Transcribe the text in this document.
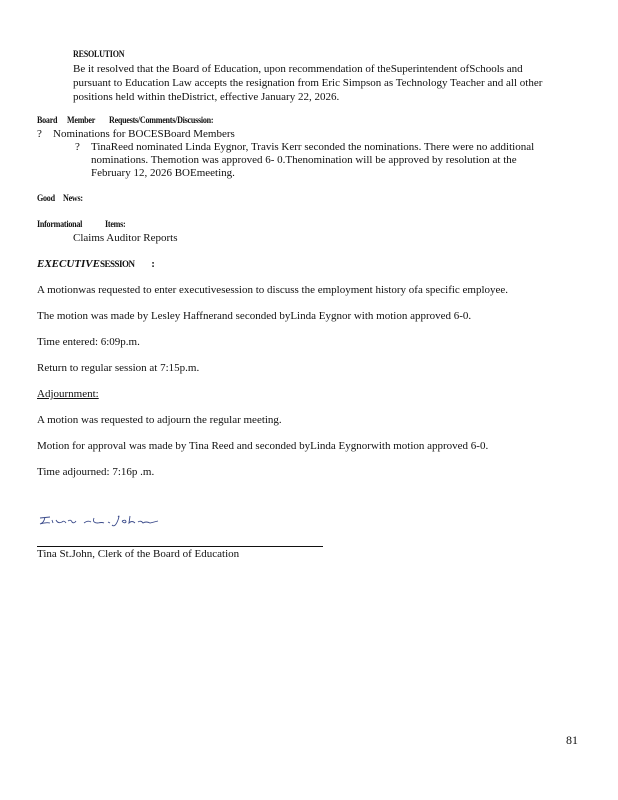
RESOLUTION
Be it resolved that the Board of Education, upon recommendation of theSuperintendent ofSchools and
pursuant to Education Law accepts the resignation from Eric Simpson as Technology Teacher and all other
positions held within theDistrict, effective January 22, 2026.
Board Member Requests/Comments/Discussion:
? Nominations for BOCESBoard Members
? TinaReed nominated Linda Eygnor, Travis Kerr seconded the nominations. There were no additional
nominations. Themotion was approved 6- 0.Thenomination will be approved by resolution at the
February 12, 2026 BOEmeeting.
Good News:
Informational Items:
Claims Auditor Reports
EXECUTIVESESSION :
A motionwas requested to enter executivesession to discuss the employment history ofa specific employee.
The motion was made by Lesley Haffnerand seconded byLinda Eygnor with motion approved 6-0.
Time entered: 6:09p.m.
Return to regular session at 7:15p.m.
Adjournment:
A motion was requested to adjourn the regular meeting.
Motion for approval was made by Tina Reed and seconded byLinda Eygnorwith motion approved 6-0.
Time adjourned: 7:16p .m.
Tina St.John, Clerk of the Board of Education
81
